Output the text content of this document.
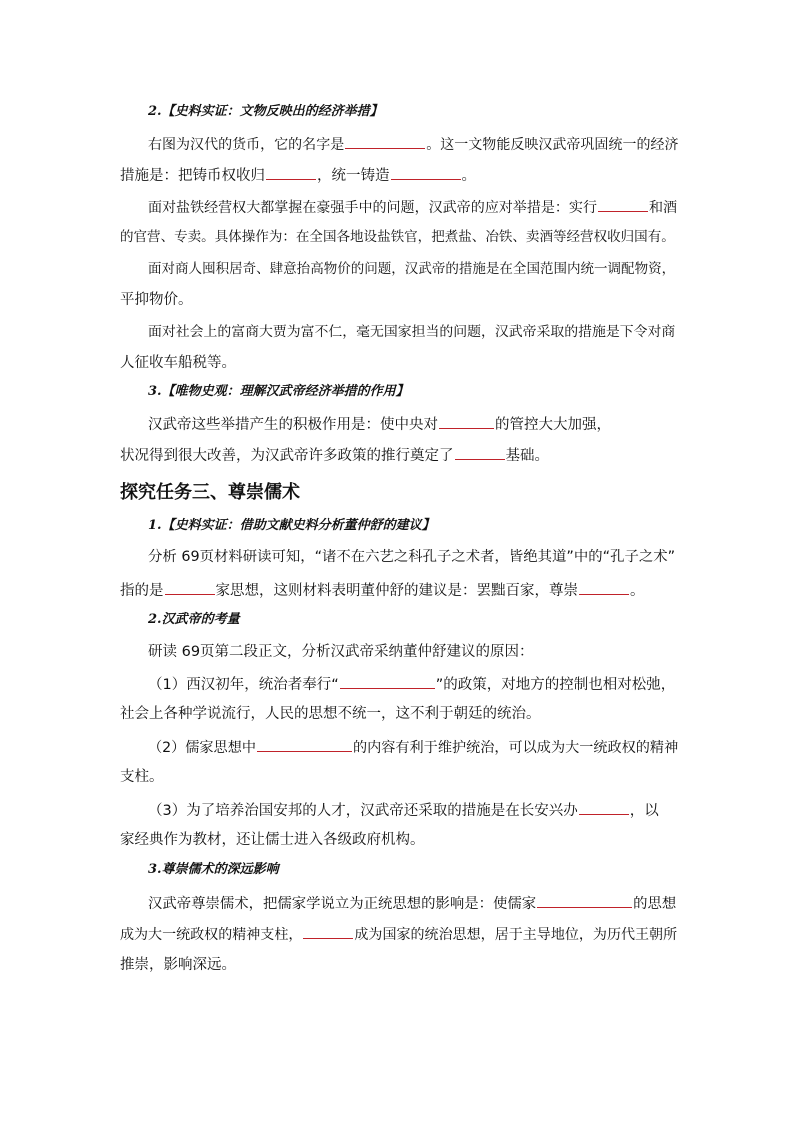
2.【史料实证：文物反映出的经济举措】
右图为汉代的货币，它的名字是	。这一文物能反映汉武帝巩固统一的经济
措施是：把铸币权收归	，统一铸造	。
面对盐铁经营权大都掌握在豪强手中的问题，汉武帝的应对举措是：实行	和酒
的官营、专卖。具体操作为：在全国各地设盐铁官，把煮盐、冶铁、卖酒等经营权收归国有。
面对商人囤积居奇、肆意抬高物价的问题，汉武帝的措施是在全国范围内统一调配物资，
平抑物价。
面对社会上的富商大贾为富不仁，毫无国家担当的问题，汉武帝采取的措施是下令对商
人征收车船税等。
3.【唯物史观：理解汉武帝经济举措的作用】
汉武帝这些举措产生的积极作用是：使中央对	的管控大大加强，
状况得到很大改善，为汉武帝许多政策的推行奠定了	基础。
探究任务三、尊崇儒术
1.【史料实证：借助文献史料分析董仲舒的建议】
分析 69页材料研读可知，“诸不在六艺之科孔子之术者，皆绝其道”中的“孔子之术”
指的是	家思想，这则材料表明董仲舒的建议是：罢黜百家，尊崇	。
2.汉武帝的考量
研读 69页第二段正文，分析汉武帝采纳董仲舒建议的原因：
（1）西汉初年，统治者奉行“	”的政策，对地方的控制也相对松弛，
社会上各种学说流行，人民的思想不统一，这不利于朝廷的统治。
（2）儒家思想中	的内容有利于维护统治，可以成为大一统政权的精神
支柱。
（3）为了培养治国安邦的人才，汉武帝还采取的措施是在长安兴办	，以
家经典作为教材，还让儒士进入各级政府机构。
3.尊崇儒术的深远影响
汉武帝尊崇儒术，把儒家学说立为正统思想的影响是：使儒家	的思想
成为大一统政权的精神支柱，	成为国家的统治思想，居于主导地位，为历代王朝所
推崇，影响深远。
